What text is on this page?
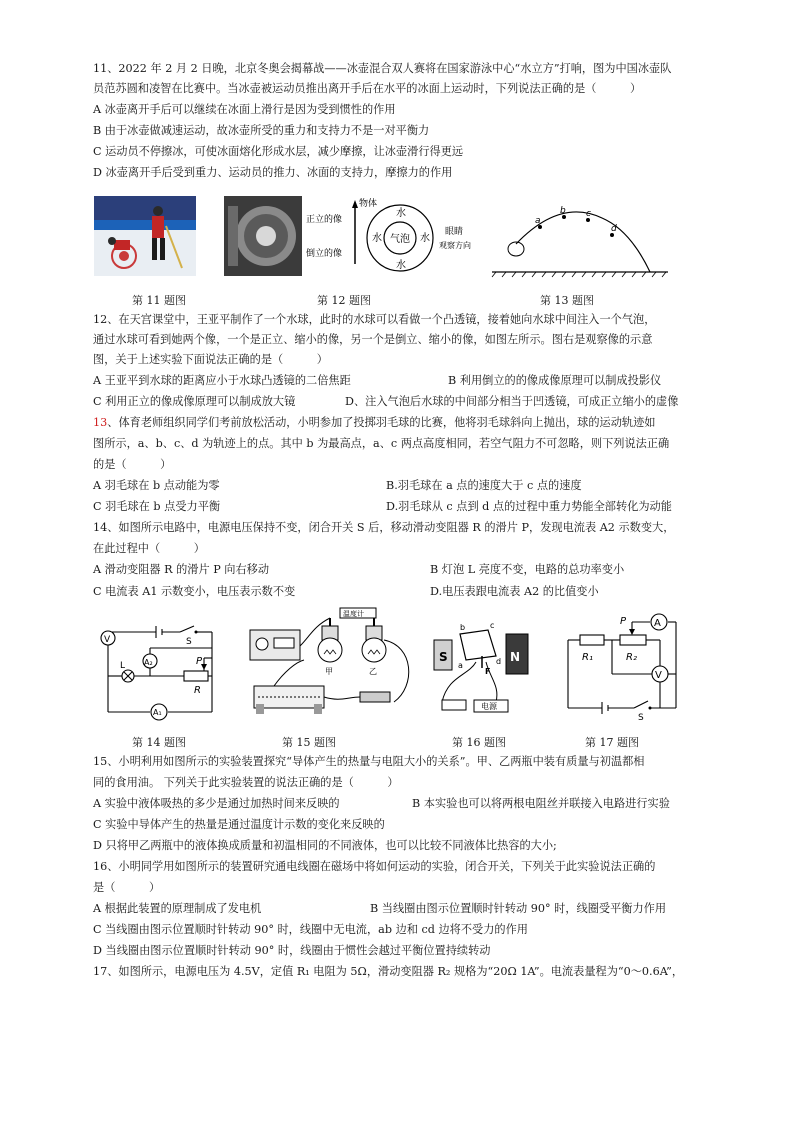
11、2022 年 2 月 2 日晚，北京冬奥会揭幕战——冰壶混合双人赛将在国家游泳中心“水立方”打响，图为中国冰壶队
员范苏圆和凌智在比赛中。当冰壶被运动员推出离开手后在水平的冰面上运动时，下列说法正确的是（　　　）
A 冰壶离开手后可以继续在冰面上滑行是因为受到惯性的作用
B 由于冰壶做减速运动，故冰壶所受的重力和支持力不是一对平衡力
C 运动员不停擦冰，可使冰面熔化形成水层，减少摩擦，让冰壶滑行得更远
D 冰壶离开手后受到重力、运动员的推力、冰面的支持力，摩擦力的作用
正立的像
倒立的像
物体
水
水	水
水
气泡
眼睛
观察方向
a
b c
d
第 11 题图	第 12 题图	第 13 题图
12、在天宫课堂中，王亚平制作了一个水球，此时的水球可以看做一个凸透镜，接着她向水球中间注入一个气泡，
通过水球可看到她两个像，一个是正立、缩小的像，另一个是倒立、缩小的像，如图左所示。图右是观察像的示意
图，关于上述实验下面说法正确的是（　　　）
A 王亚平到水球的距离应小于水球凸透镜的二倍焦距	B 利用倒立的的像成像原理可以制成投影仪
C 利用正立的像成像原理可以制成放大镜	D、注入气泡后水球的中间部分相当于凹透镜，可成正立缩小的虚像
13、体育老师组织同学们考前放松活动，小明参加了投掷羽毛球的比赛，他将羽毛球斜向上抛出，球的运动轨迹如
图所示，a、b、c、d 为轨迹上的点。其中 b 为最高点，a、c 两点高度相同，若空气阻力不可忽略，则下列说法正确
的是（　　　）
A 羽毛球在 b 点动能为零	B.羽毛球在 a 点的速度大于 c 点的速度
C 羽毛球在 b 点受力平衡	D.羽毛球从 c 点到 d 点的过程中重力势能全部转化为动能
14、如图所示电路中，电源电压保持不变，闭合开关 S 后，移动滑动变阻器 R 的滑片 P，发现电流表 A2 示数变大，
在此过程中（　　　）
A 滑动变阻器 R 的滑片 P 向右移动	B 灯泡 L 亮度不变，电路的总功率变小
C 电流表 A1 示数变小，电压表示数不变	D.电压表跟电流表 A2 的比值变小
V	S
A₂
L	P
R
A₁
温度计
甲	乙
S	N
b	c
a	d
F
电源
P	A
R₁	R₂
V
S
第 14 题图	第 15 题图	第 16 题图	第 17 题图
15、小明利用如图所示的实验装置探究“导体产生的热量与电阻大小的关系”。甲、乙两瓶中装有质量与初温都相
同的食用油。 下列关于此实验装置的说法正确的是（　　　）
A 实验中液体吸热的多少是通过加热时间来反映的	B 本实验也可以将两根电阻丝并联接入电路进行实验
C 实验中导体产生的热量是通过温度计示数的变化来反映的
D 只将甲乙两瓶中的液体换成质量和初温相同的不同液体，也可以比较不同液体比热容的大小;
16、小明同学用如图所示的装置研究通电线圈在磁场中将如何运动的实验，闭合开关，下列关于此实验说法正确的
是（　　　）
A 根据此装置的原理制成了发电机	B 当线圈由图示位置顺时针转动 90° 时，线圈受平衡力作用
C 当线圈由图示位置顺时针转动 90° 时，线圈中无电流，ab 边和 cd 边将不受力的作用
D 当线圈由图示位置顺时针转动 90° 时，线圈由于惯性会越过平衡位置持续转动
17、如图所示，电源电压为 4.5V，定值 R₁ 电阻为 5Ω，滑动变阻器 R₂ 规格为“20Ω 1A”。电流表量程为“0～0.6A”，
